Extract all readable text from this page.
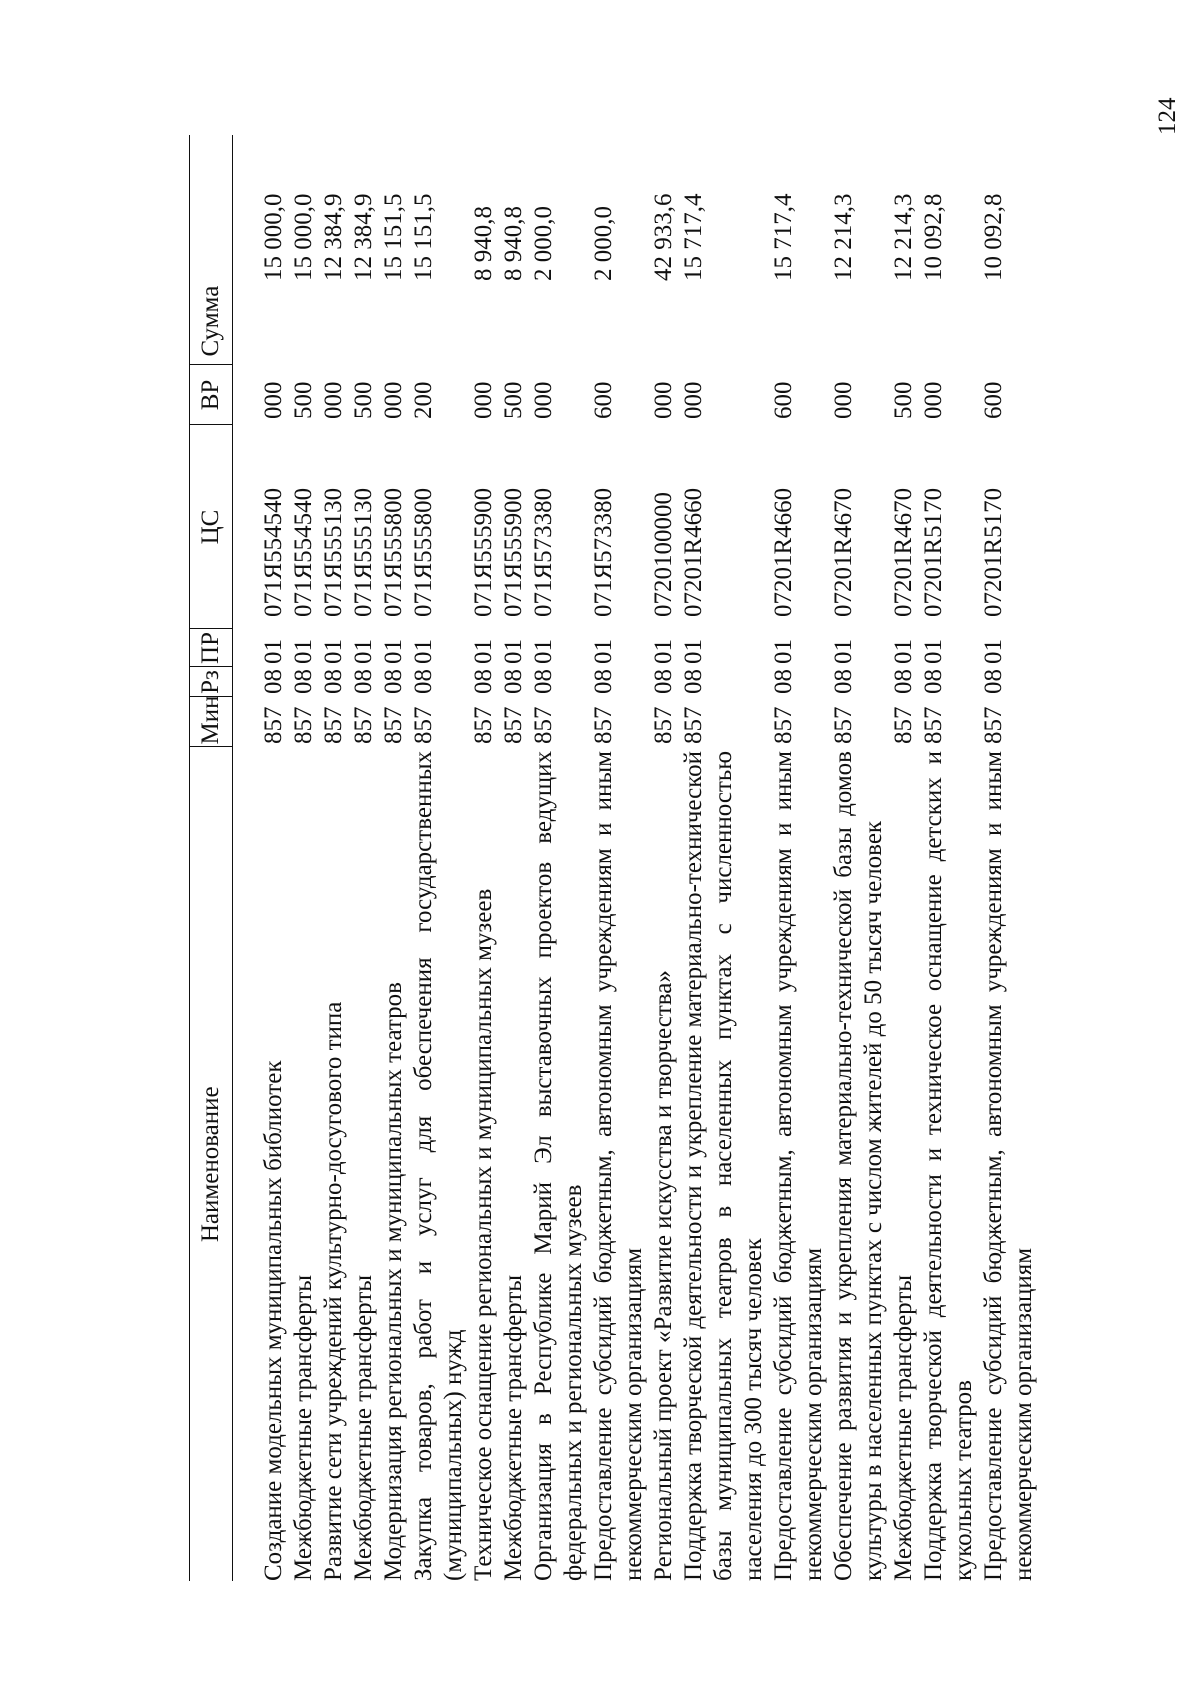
124
Наименование	Мин	Рз	ПР	ЦС	ВР	Сумма

Создание модельных муниципальных библиотек	857	08	01	071Я554540	000	15 000,0
Межбюджетные трансферты	857	08	01	071Я554540	500	15 000,0
Развитие сети учреждений культурно-досугового типа	857	08	01	071Я555130	000	12 384,9
Межбюджетные трансферты	857	08	01	071Я555130	500	12 384,9
Модернизация региональных и муниципальных театров	857	08	01	071Я555800	000	15 151,5
Закупка товаров, работ и услуг для обеспечения государственных (муниципальных) нужд	857	08	01	071Я555800	200	15 151,5
Техническое оснащение региональных и муниципальных музеев	857	08	01	071Я555900	000	8 940,8
Межбюджетные трансферты	857	08	01	071Я555900	500	8 940,8
Организация в Республике Марий Эл выставочных проектов ведущих федеральных и региональных музеев	857	08	01	071Я573380	000	2 000,0
Предоставление субсидий бюджетным, автономным учреждениям и иным некоммерческим организациям	857	08	01	071Я573380	600	2 000,0
Региональный проект «Развитие искусства и творчества»	857	08	01	0720100000	000	42 933,6
Поддержка творческой деятельности и укрепление материально-технической базы муниципальных театров в населенных пунктах с численностью населения до 300 тысяч человек	857	08	01	07201R4660	000	15 717,4
Предоставление субсидий бюджетным, автономным учреждениям и иным некоммерческим организациям	857	08	01	07201R4660	600	15 717,4
Обеспечение развития и укрепления материально-технической базы домов культуры в населенных пунктах с числом жителей до 50 тысяч человек	857	08	01	07201R4670	000	12 214,3
Межбюджетные трансферты	857	08	01	07201R4670	500	12 214,3
Поддержка творческой деятельности и техническое оснащение детских и кукольных театров	857	08	01	07201R5170	000	10 092,8
Предоставление субсидий бюджетным, автономным учреждениям и иным некоммерческим организациям	857	08	01	07201R5170	600	10 092,8
